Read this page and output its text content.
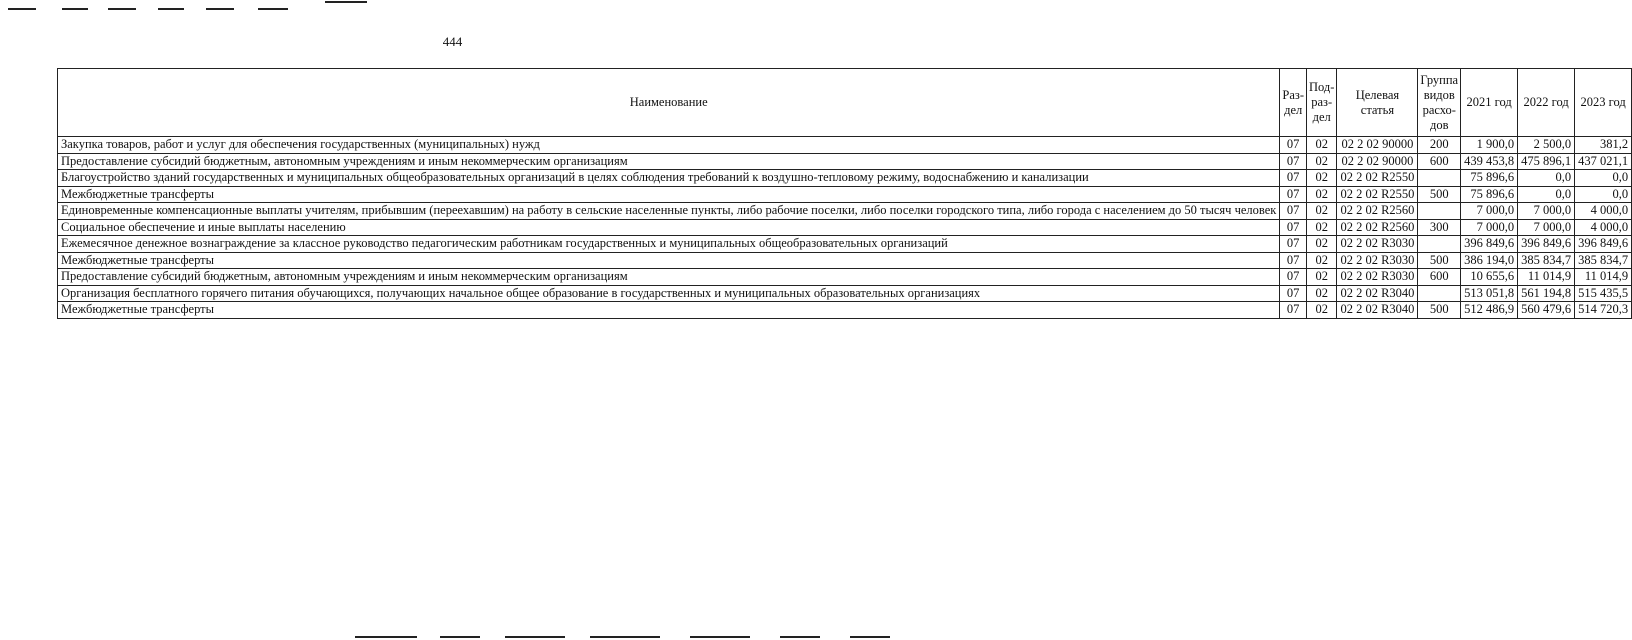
444
Наименование	Раз-дел	Под-раз-дел	Целевая статья	Группа видов расхо-дов	2021 год	2022 год	2023 год
Закупка товаров, работ и услуг для обеспечения государственных (муниципальных) нужд	07	02	02 2 02 90000	200	1 900,0	2 500,0	381,2
Предоставление субсидий бюджетным, автономным учреждениям и иным некоммерческим организациям	07	02	02 2 02 90000	600	439 453,8	475 896,1	437 021,1
Благоустройство зданий государственных и муниципальных общеобразовательных организаций в целях соблюдения требований к воздушно-тепловому режиму, водоснабжению и канализации	07	02	02 2 02 R2550		75 896,6	0,0	0,0
Межбюджетные трансферты	07	02	02 2 02 R2550	500	75 896,6	0,0	0,0
Единовременные компенсационные выплаты учителям, прибывшим (переехавшим) на работу в сельские населенные пункты, либо рабочие поселки, либо поселки городского типа, либо города с населением до 50 тысяч человек	07	02	02 2 02 R2560		7 000,0	7 000,0	4 000,0
Социальное обеспечение и иные выплаты населению	07	02	02 2 02 R2560	300	7 000,0	7 000,0	4 000,0
Ежемесячное денежное вознаграждение за классное руководство педагогическим работникам государственных и муниципальных общеобразовательных организаций	07	02	02 2 02 R3030		396 849,6	396 849,6	396 849,6
Межбюджетные трансферты	07	02	02 2 02 R3030	500	386 194,0	385 834,7	385 834,7
Предоставление субсидий бюджетным, автономным учреждениям и иным некоммерческим организациям	07	02	02 2 02 R3030	600	10 655,6	11 014,9	11 014,9
Организация бесплатного горячего питания обучающихся, получающих начальное общее образование в государственных и муниципальных образовательных организациях	07	02	02 2 02 R3040		513 051,8	561 194,8	515 435,5
Межбюджетные трансферты	07	02	02 2 02 R3040	500	512 486,9	560 479,6	514 720,3
